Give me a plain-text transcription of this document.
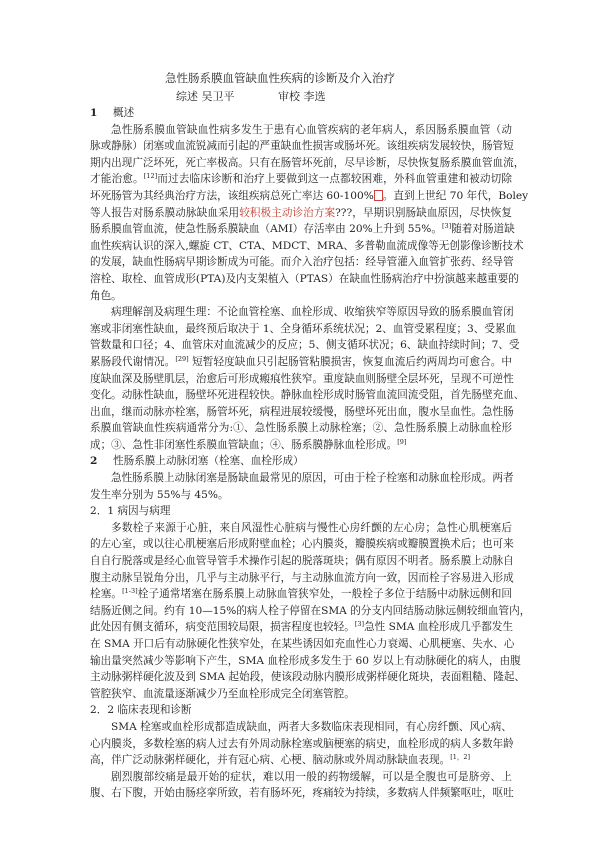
急性肠系膜血管缺血性疾病的诊断及介入治疗
综述 吴卫平	审校 李选
1 概述
急性肠系膜血管缺血性病多发生于患有心血管疾病的老年病人，系因肠系膜血管（动
脉或静脉）闭塞或血流锐减而引起的严重缺血性损害或肠坏死。该组疾病发展较快，肠管短
期内出现广泛坏死，死亡率极高。只有在肠管坏死前，尽早诊断，尽快恢复肠系膜血管血流，
才能治愈。[12]而过去临床诊断和治疗上要做到这一点都较困难，外科血管重建和被动切除
坏死肠管为其经典治疗方法，该组疾病总死亡率达 60-100% 。直到上世纪 70 年代，Boley
等人报告对肠系膜动脉缺血采用较积极主动诊治方案???，早期识别肠缺血原因，尽快恢复
肠系膜血管血流，使急性肠系膜缺血（AMI）存活率由 20%上升到 55%。[3]随着对肠道缺
血性疾病认识的深入,螺旋 CT、CTA、MDCT、MRA、多普勒血流成像等无创影像诊断技术
的发展，缺血性肠病早期诊断成为可能。而介入治疗包括：经导管灌入血管扩张药、经导管
溶栓、取栓、血管成形(PTA)及内支架植入（PTAS）在缺血性肠病治疗中扮演越来越重要的
角色。
病理解剖及病理生理：不论血管栓塞、血栓形成、收缩狭窄等原因导致的肠系膜血管闭
塞或非闭塞性缺血，最终预后取决于 1、全身循环系统状况；2、血管受累程度；3、受累血
管数量和口径；4、血管床对血流减少的反应；5、侧支循环状况；6、缺血持续时间；7、受
累肠段代谢情况。[29] 短暂轻度缺血只引起肠管粘膜损害，恢复血流后约两周均可愈合。中
度缺血深及肠壁肌层，治愈后可形成瘢痕性狭窄。重度缺血则肠壁全层坏死，呈现不可逆性
变化。动脉性缺血，肠壁坏死进程较快。静脉血栓形成时肠管血流回流受阻，首先肠壁充血、
出血，继而动脉亦栓塞，肠管坏死，病程进展较缓慢，肠壁坏死出血，腹水呈血性。急性肠
系膜血管缺血性疾病通常分为:①、急性肠系膜上动脉栓塞；②、急性肠系膜上动脉血栓形
成；③、急性非闭塞性系膜血管缺血；④、肠系膜静脉血栓形成。[9]
2 性肠系膜上动脉闭塞（栓塞、血栓形成）
急性肠系膜上动脉闭塞是肠缺血最常见的原因，可由于栓子栓塞和动脉血栓形成。两者
发生率分别为 55%与 45%。
2．1 病因与病理
多数栓子来源于心脏，来自风湿性心脏病与慢性心房纤颤的左心房；急性心肌梗塞后
的左心室，或以往心肌梗塞后形成附壁血栓；心内膜炎，瓣膜疾病或瓣膜置换术后；也可来
自自行脱落或是经心血管导管手术操作引起的脱落斑块；偶有原因不明者。肠系膜上动脉自
腹主动脉呈锐角分出，几乎与主动脉平行，与主动脉血流方向一致，因而栓子容易进入形成
栓塞。[1-3]栓子通常堵塞在肠系膜上动脉血管狭窄处，一般栓子多位于结肠中动脉远侧和回
结肠近侧之间。约有 10—15%的病人栓子停留在SMA 的分支内回结肠动脉远侧较细血管内，
此处因有侧支循环，病变范围较局限，损害程度也较轻。[3]急性 SMA 血栓形成几乎都发生
在 SMA 开口后有动脉硬化性狭窄处，在某些诱因如充血性心力衰竭、心肌梗塞、失水、心
输出量突然减少等影响下产生，SMA 血栓形成多发生于 60 岁以上有动脉硬化的病人，由腹
主动脉粥样硬化波及到 SMA 起始段，使该段动脉内膜形成粥样硬化斑块，表面粗糙、隆起、
管腔狭窄、血流量逐渐减少乃至血栓形成完全闭塞管腔。
2．2 临床表现和诊断
SMA 栓塞或血栓形成都造成缺血，两者大多数临床表现相同，有心房纤颤、风心病、
心内膜炎，多数栓塞的病人过去有外周动脉栓塞或脑梗塞的病史，血栓形成的病人多数年龄
高，伴广泛动脉粥样硬化，并有冠心病、心梗、脑动脉或外周动脉缺血表现。[1，2]
剧烈腹部绞痛是最开始的症状，难以用一般的药物缓解，可以是全腹也可是脐旁、上
腹、右下腹，开始由肠痉挛所致，若有肠坏死，疼痛较为持续，多数病人伴频繁呕吐，呕吐
